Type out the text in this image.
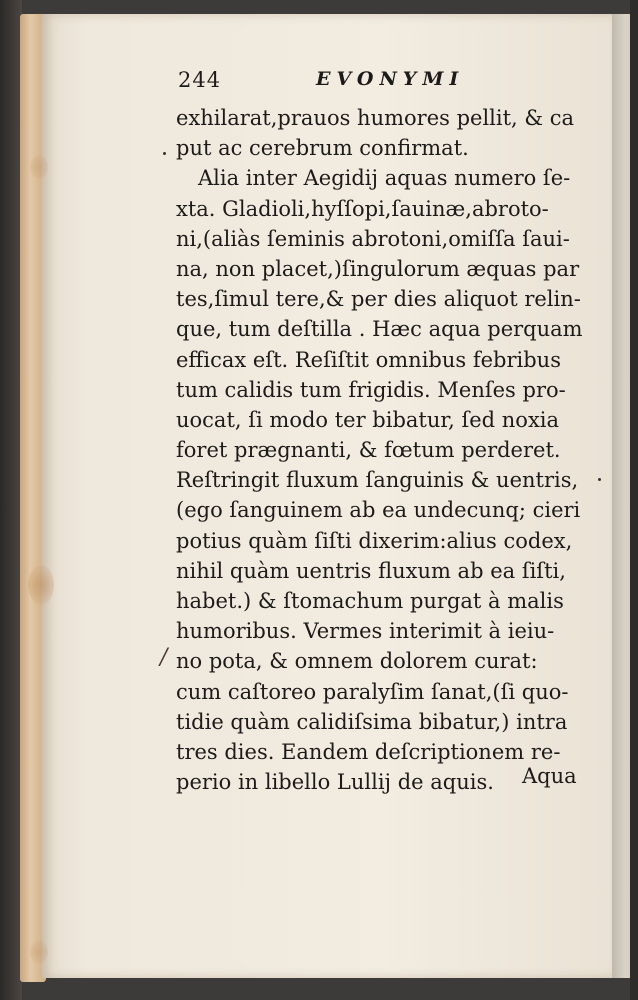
244	EVONYMI
exhilarat,prauos humores pellit, & ca
put ac cerebrum confirmat.
Alia inter Aegidij aquas numero ſe-
xta. Gladioli,hyſſopi,ſauinæ,abroto-
ni,(aliàs ſeminis abrotoni,omiſſa ſaui-
na, non placet,)ſingulorum æquas par
tes,ſimul tere,& per dies aliquot relin-
que, tum deſtilla . Hæc aqua perquam
efficax eſt. Reſiſtit omnibus febribus
tum calidis tum frigidis. Menſes pro-
uocat, ſi modo ter bibatur, ſed noxia
foret prægnanti, & fœtum perderet.
Reſtringit fluxum ſanguinis & uentris,
(ego ſanguinem ab ea undecunq; cieri
potius quàm ſiſti dixerim:alius codex,
nihil quàm uentris fluxum ab ea ſiſti,
habet.) & ſtomachum purgat à malis
humoribus. Vermes interimit à ieiu-
no pota, & omnem dolorem curat:
cum caſtoreo paralyſim ſanat,(ſi quo-
tidie quàm calidiſsima bibatur,) intra
tres dies. Eandem deſcriptionem re-
perio in libello Lullij de aquis.	Aqua
/
